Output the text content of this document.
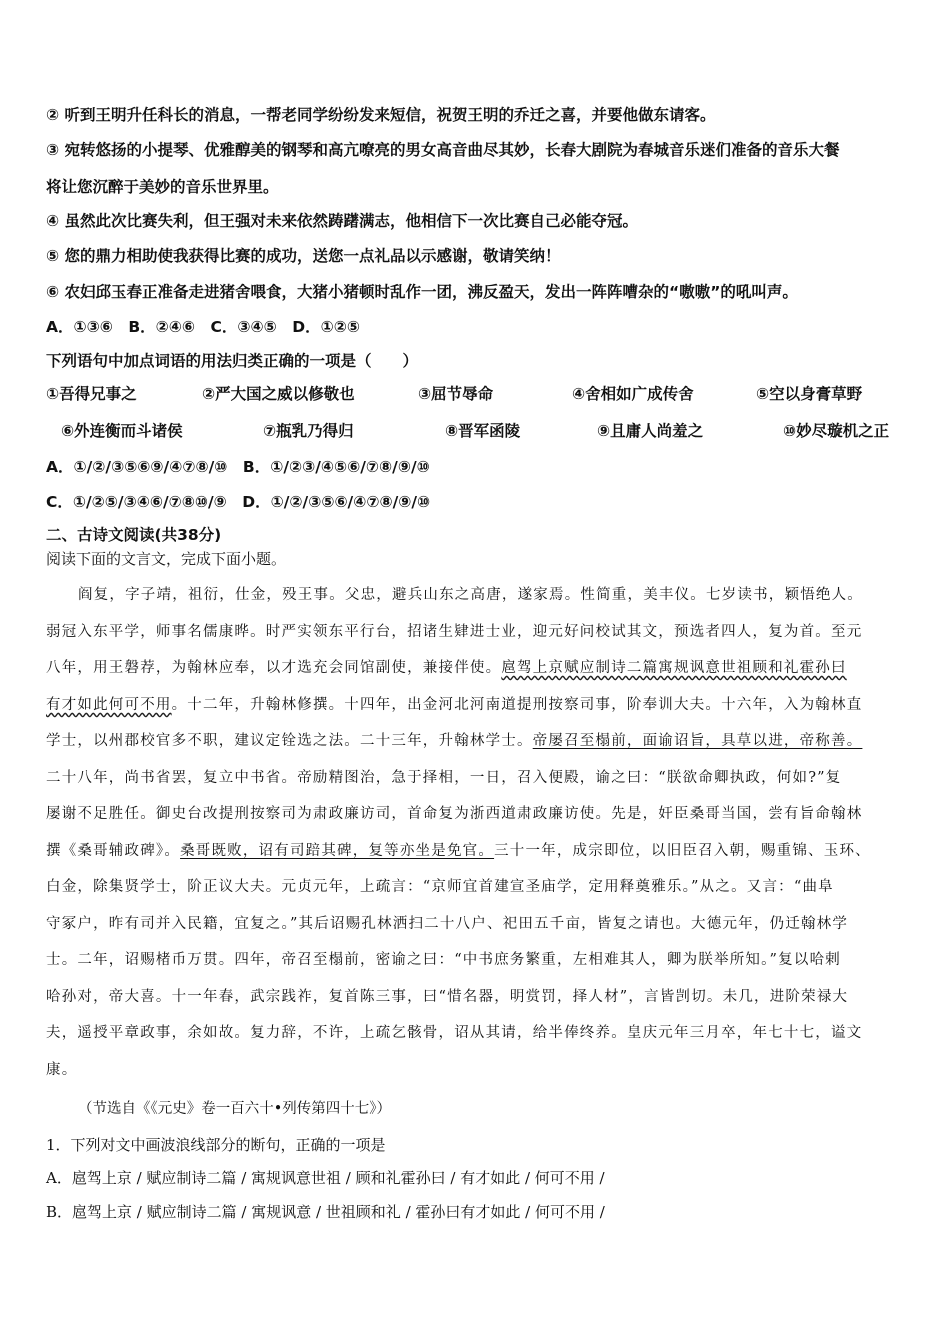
② 听到王明升任科长的消息，一帮老同学纷纷发来短信，祝贺王明的乔迁之喜，并要他做东请客。
③ 宛转悠扬的小提琴、优雅醇美的钢琴和高亢嘹亮的男女高音曲尽其妙，长春大剧院为春城音乐迷们准备的音乐大餐
将让您沉醉于美妙的音乐世界里。
④ 虽然此次比赛失利，但王强对未来依然踌躇满志，他相信下一次比赛自己必能夺冠。
⑤ 您的鼎力相助使我获得比赛的成功，送您一点礼品以示感谢，敬请笑纳！
⑥ 农妇邱玉春正准备走进猪舍喂食，大猪小猪顿时乱作一团，沸反盈天，发出一阵阵嘈杂的“嗷嗷”的吼叫声。
A．①③⑥　B．②④⑥　C．③④⑤　D．①②⑤
下列语句中加点词语的用法归类正确的一项是（　　）
①吾得兄事之	②严大国之威以修敬也	③屈节辱命	④舍相如广成传舍	⑤空以身膏草野
⑥外连衡而斗诸侯	⑦瓶乳乃得归	⑧晋军函陵	⑨且庸人尚羞之	⑩妙尽璇机之正
A．①/②/③⑤⑥⑨/④⑦⑧/⑩　B．①/②③/④⑤⑥/⑦⑧/⑨/⑩
C．①/②⑤/③④⑥/⑦⑧⑩/⑨　D．①/②/③⑤⑥/④⑦⑧/⑨/⑩
二、古诗文阅读(共38分)
阅读下面的文言文，完成下面小题。
阎复，字子靖，祖衍，仕金，殁王事。父忠，避兵山东之高唐，遂家焉。性简重，美丰仪。七岁读书，颖悟绝人。
弱冠入东平学，师事名儒康晔。时严实领东平行台，招诸生肄进士业，迎元好问校试其文，预选者四人，复为首。至元
八年，用王磐荐，为翰林应奉，以才选充会同馆副使，兼接伴使。扈驾上京赋应制诗二篇寓规讽意世祖顾和礼霍孙曰
有才如此何可不用。十二年，升翰林修撰。十四年，出金河北河南道提刑按察司事，阶奉训大夫。十六年，入为翰林直
学士，以州郡校官多不职，建议定铨选之法。二十三年，升翰林学士。帝屡召至榻前，面谕诏旨，具草以进，帝称善。
二十八年，尚书省罢，复立中书省。帝励精图治，急于择相，一日，召入便殿，谕之曰：“朕欲命卿执政，何如?”复
屡谢不足胜任。御史台改提刑按察司为肃政廉访司，首命复为浙西道肃政廉访使。先是，奸臣桑哥当国，尝有旨命翰林
撰《桑哥辅政碑》。桑哥既败，诏有司踣其碑，复等亦坐是免官。三十一年，成宗即位，以旧臣召入朝，赐重锦、玉环、
白金，除集贤学士，阶正议大夫。元贞元年，上疏言：“京师宜首建宣圣庙学，定用释奠雅乐。”从之。又言：“曲阜
守冢户，昨有司并入民籍，宜复之。”其后诏赐孔林洒扫二十八户、祀田五千亩，皆复之请也。大德元年，仍迁翰林学
士。二年，诏赐楮币万贯。四年，帝召至榻前，密谕之曰：“中书庶务繁重，左相难其人，卿为朕举所知。”复以哈剌
哈孙对，帝大喜。十一年春，武宗践祚，复首陈三事，曰“惜名器，明赏罚，择人材”，言皆剀切。未几，进阶荣禄大
夫，遥授平章政事，余如故。复力辞，不许，上疏乞骸骨，诏从其请，给半俸终养。皇庆元年三月卒，年七十七，谥文
康。
（节选自《《元史》卷一百六十•列传第四十七》）
1．下列对文中画波浪线部分的断句，正确的一项是
A．扈驾上京 / 赋应制诗二篇 / 寓规讽意世祖 / 顾和礼霍孙曰 / 有才如此 / 何可不用 /
B．扈驾上京 / 赋应制诗二篇 / 寓规讽意 / 世祖顾和礼 / 霍孙曰有才如此 / 何可不用 /
